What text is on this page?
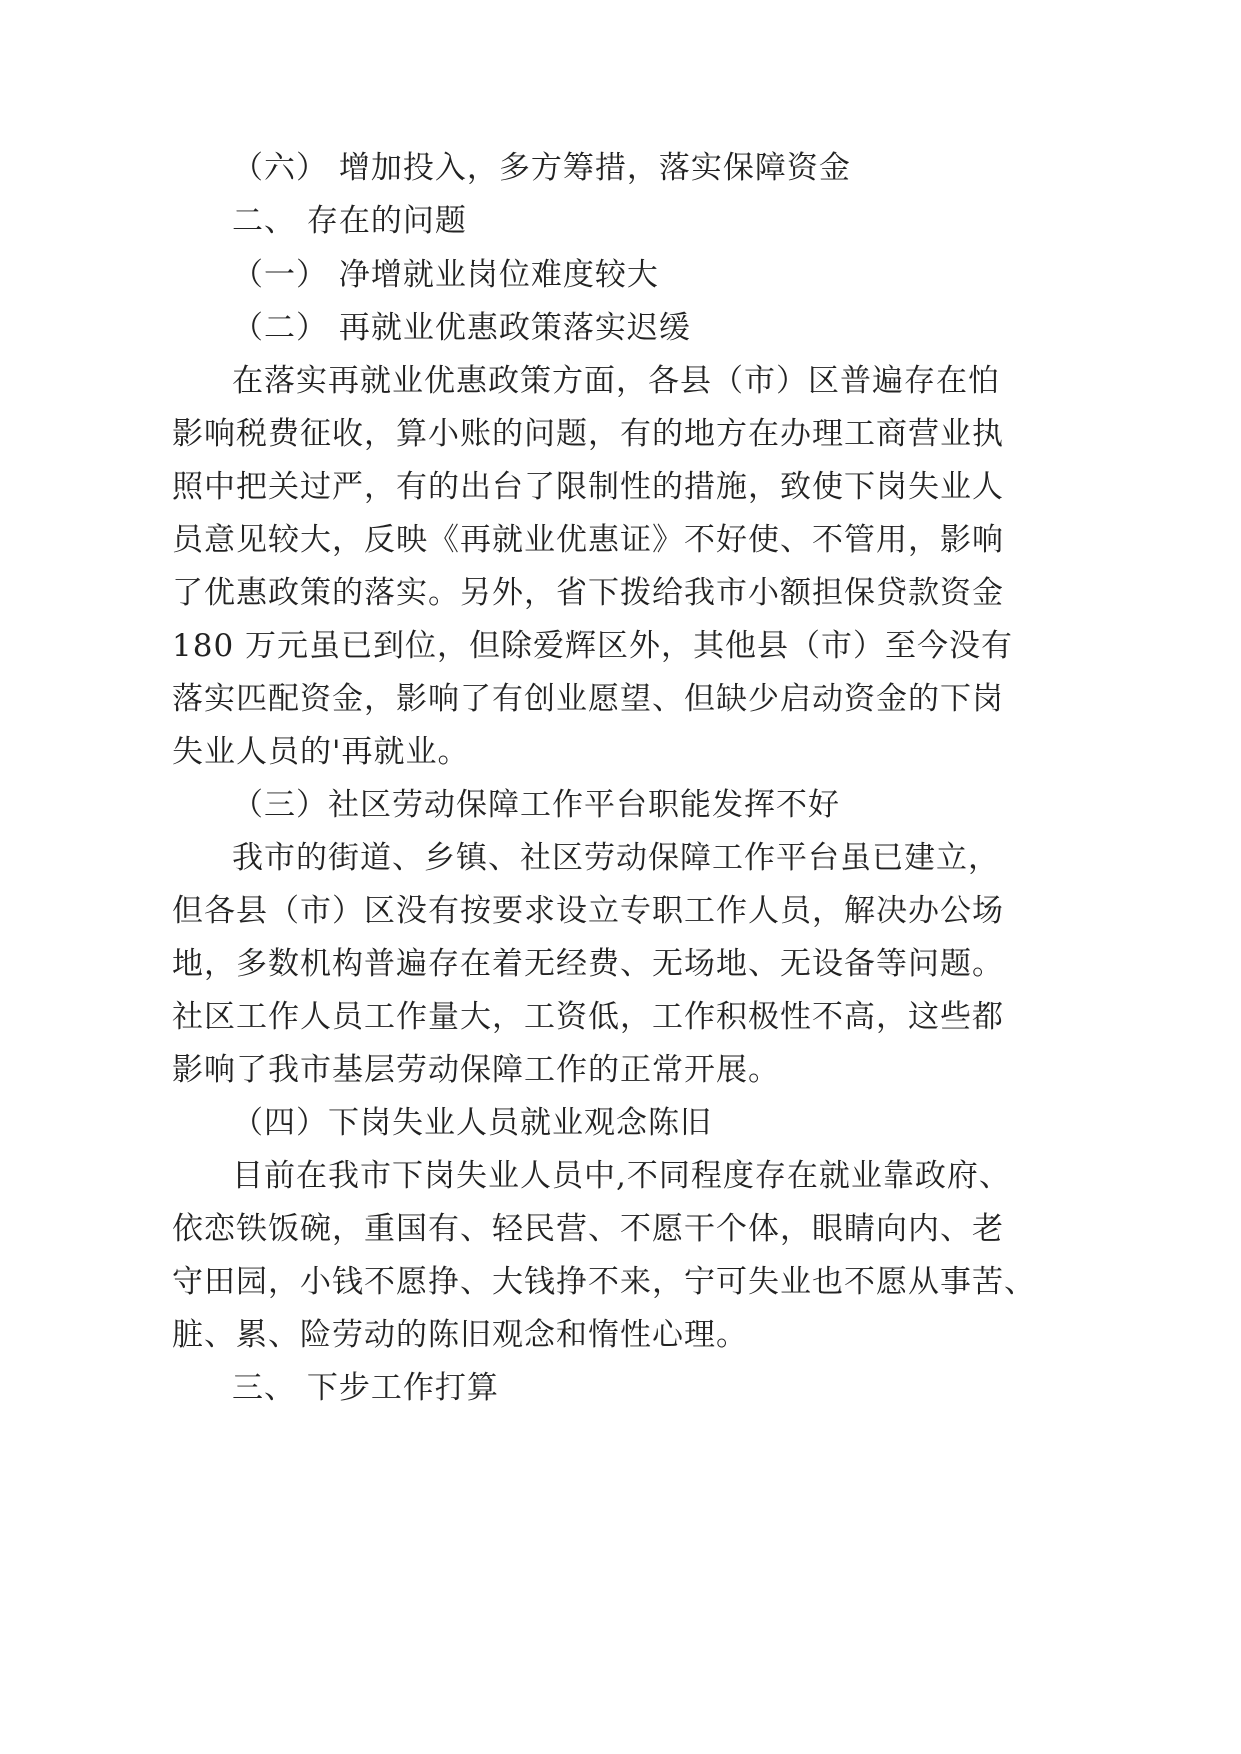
（六） 增加投入，多方筹措，落实保障资金
二、 存在的问题
（一） 净增就业岗位难度较大
（二） 再就业优惠政策落实迟缓
在落实再就业优惠政策方面，各县（市）区普遍存在怕
影响税费征收，算小账的问题，有的地方在办理工商营业执
照中把关过严，有的出台了限制性的措施，致使下岗失业人
员意见较大，反映《再就业优惠证》不好使、不管用，影响
了优惠政策的落实。另外，省下拨给我市小额担保贷款资金
180 万元虽已到位，但除爱辉区外，其他县（市）至今没有
落实匹配资金，影响了有创业愿望、但缺少启动资金的下岗
失业人员的'再就业。
（三）社区劳动保障工作平台职能发挥不好
我市的街道、乡镇、社区劳动保障工作平台虽已建立，
但各县（市）区没有按要求设立专职工作人员，解决办公场
地，多数机构普遍存在着无经费、无场地、无设备等问题。
社区工作人员工作量大，工资低，工作积极性不高，这些都
影响了我市基层劳动保障工作的正常开展。
（四）下岗失业人员就业观念陈旧
目前在我市下岗失业人员中,不同程度存在就业靠政府、
依恋铁饭碗，重国有、轻民营、不愿干个体，眼睛向内、老
守田园，小钱不愿挣、大钱挣不来，宁可失业也不愿从事苦、
脏、累、险劳动的陈旧观念和惰性心理。
三、 下步工作打算
